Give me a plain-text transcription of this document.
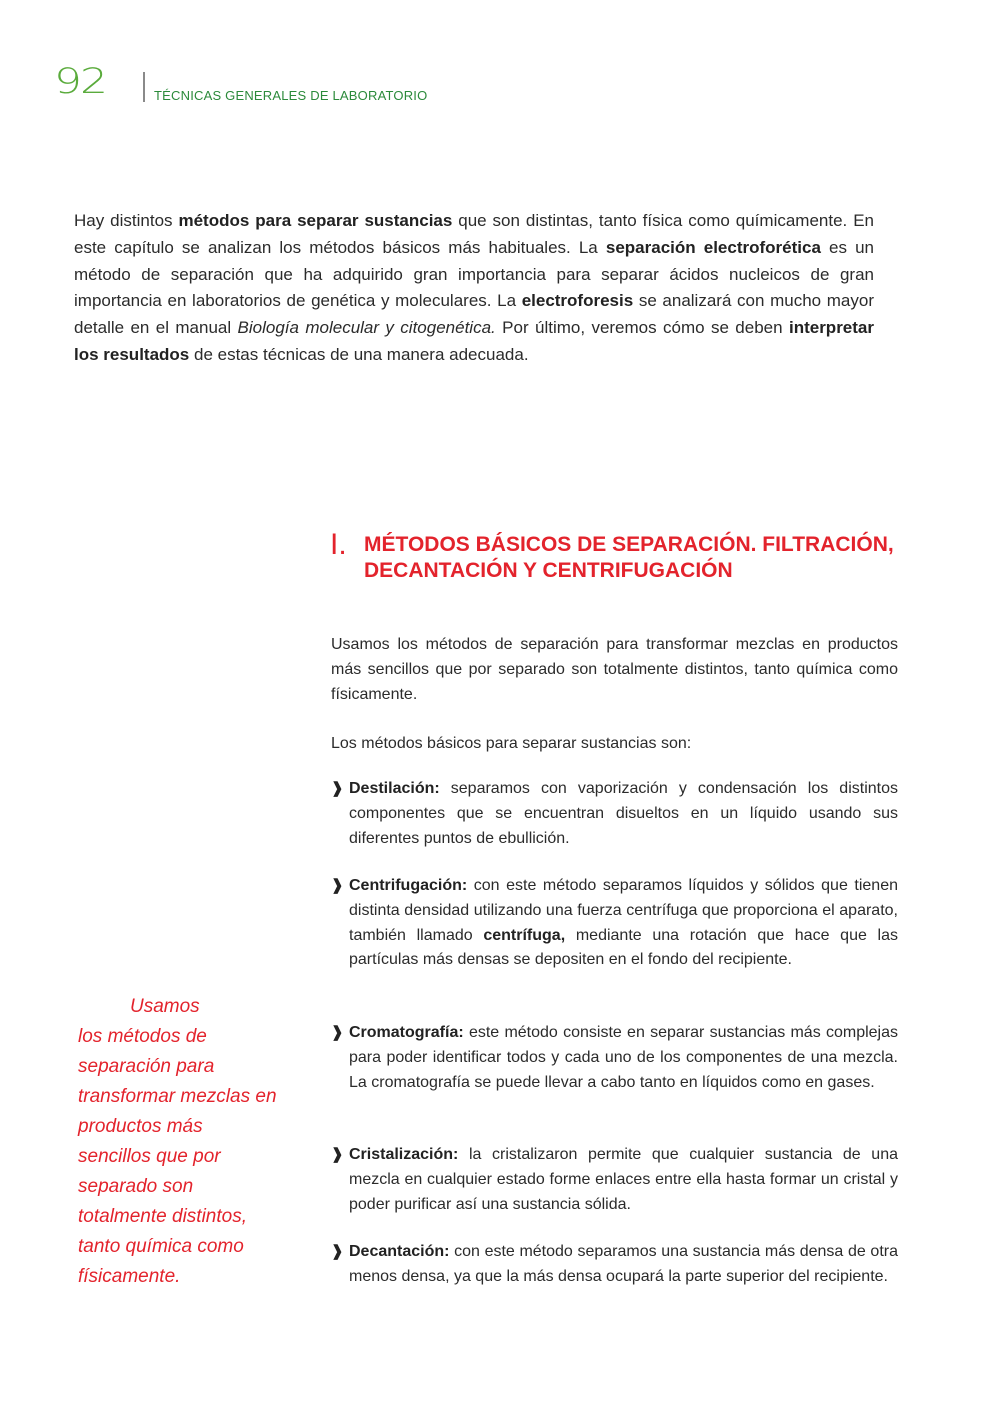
92	TÉCNICAS GENERALES DE LABORATORIO

Hay distintos métodos para separar sustancias que son distintas, tanto física como químicamente. En este capítulo se analizan los métodos básicos más habituales. La separación electroforética es un método de separación que ha adquirido gran importancia para separar ácidos nucleicos de gran importancia en laboratorios de genética y moleculares. La electroforesis se analizará con mucho mayor detalle en el manual Biología molecular y citogenética. Por último, veremos cómo se deben interpretar los resultados de estas técnicas de una manera adecuada.

I. MÉTODOS BÁSICOS DE SEPARACIÓN. FILTRACIÓN, DECANTACIÓN Y CENTRIFUGACIÓN

Usamos los métodos de separación para transformar mezclas en productos más sencillos que por separado son totalmente distintos, tanto química como físicamente.

Los métodos básicos para separar sustancias son:

❱ Destilación: separamos con vaporización y condensación los distintos componentes que se encuentran disueltos en un líquido usando sus diferentes puntos de ebullición.
❱ Centrifugación: con este método separamos líquidos y sólidos que tienen distinta densidad utilizando una fuerza centrífuga que proporciona el aparato, también llamado centrífuga, mediante una rotación que hace que las partículas más densas se depositen en el fondo del recipiente.
❱ Cromatografía: este método consiste en separar sustancias más complejas para poder identificar todos y cada uno de los componentes de una mezcla. La cromatografía se puede llevar a cabo tanto en líquidos como en gases.
❱ Cristalización: la cristalizaron permite que cualquier sustancia de una mezcla en cualquier estado forme enlaces entre ella hasta formar un cristal y poder purificar así una sustancia sólida.
❱ Decantación: con este método separamos una sustancia más densa de otra menos densa, ya que la más densa ocupará la parte superior del recipiente.
Usamos
los métodos de separación para transformar mezclas en productos más sencillos que por separado son totalmente distintos, tanto química como físicamente.
